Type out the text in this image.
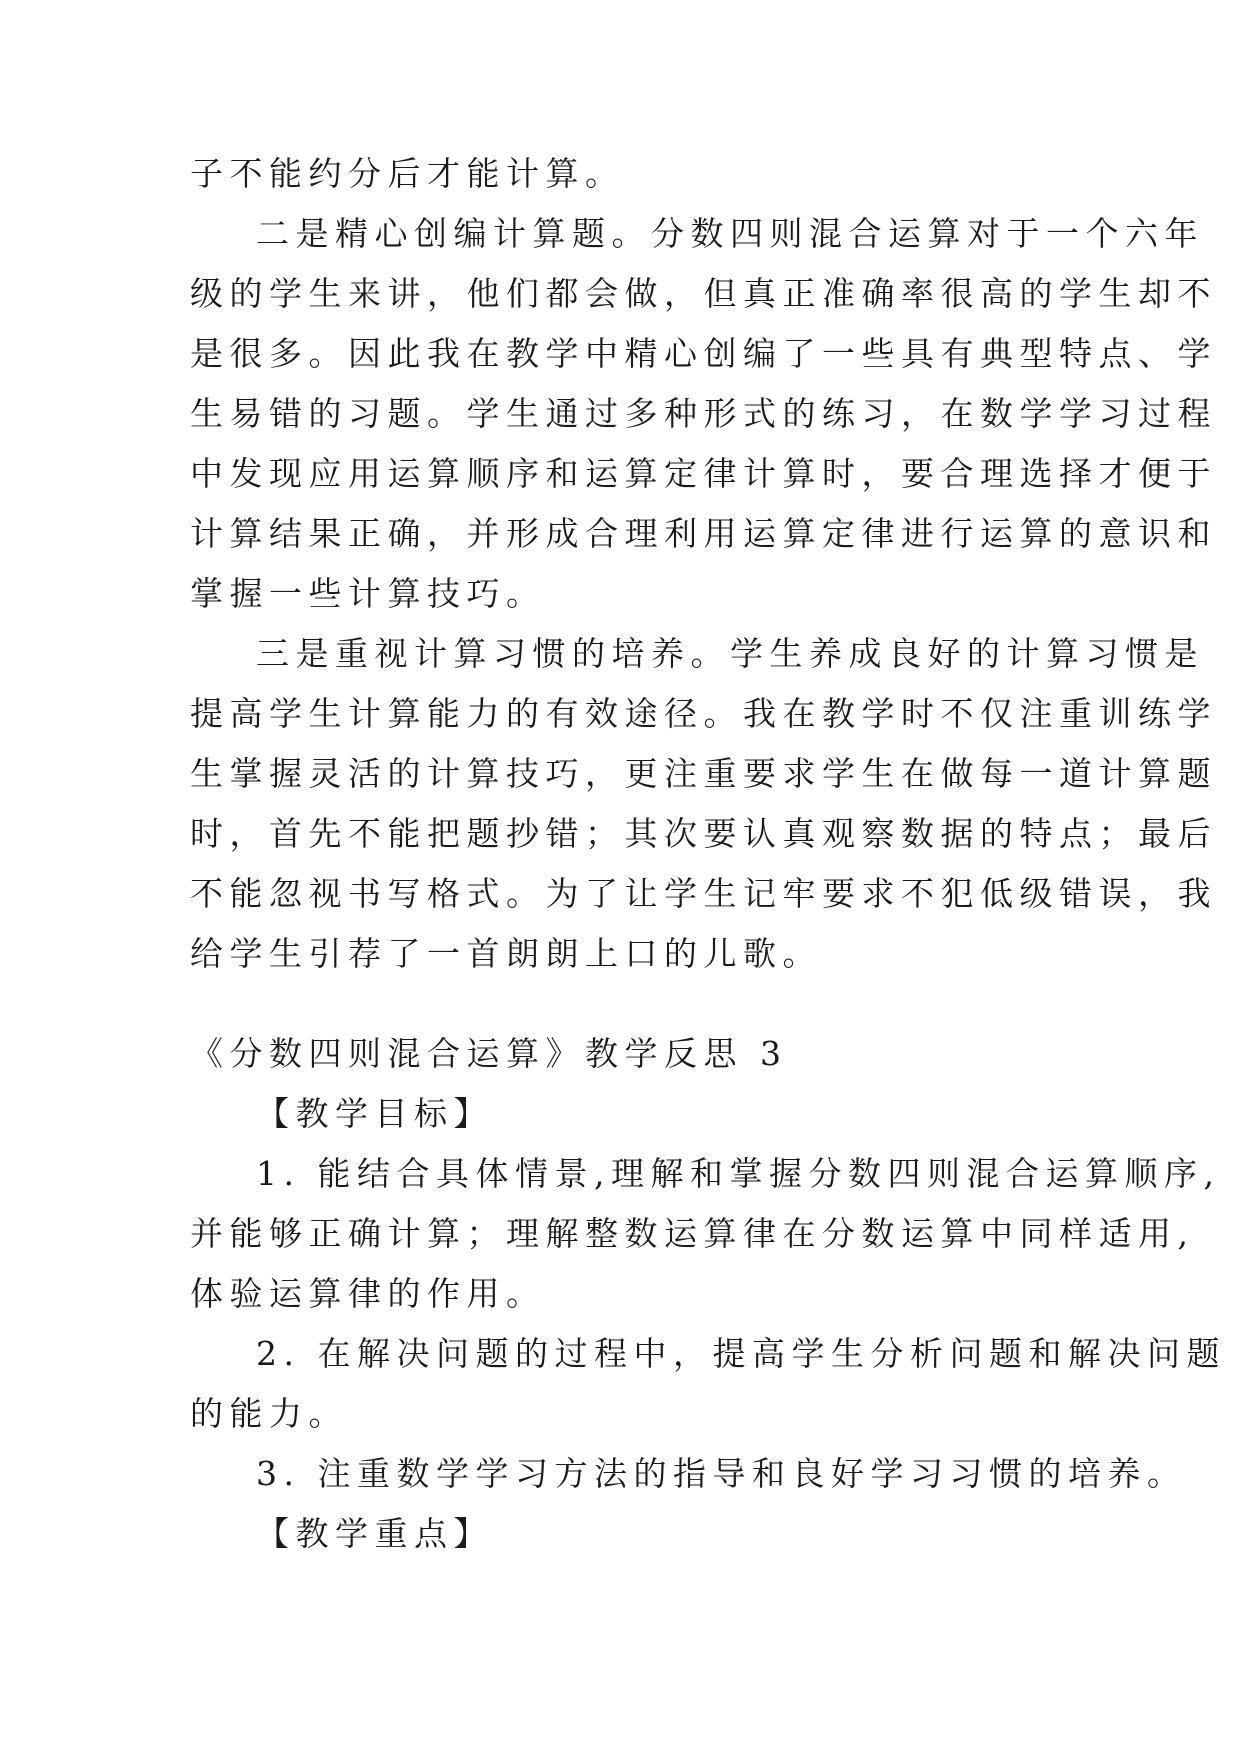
子不能约分后才能计算。
二是精心创编计算题。分数四则混合运算对于一个六年
级的学生来讲，他们都会做，但真正准确率很高的学生却不
是很多。因此我在教学中精心创编了一些具有典型特点、学
生易错的习题。学生通过多种形式的练习，在数学学习过程
中发现应用运算顺序和运算定律计算时，要合理选择才便于
计算结果正确，并形成合理利用运算定律进行运算的意识和
掌握一些计算技巧。
三是重视计算习惯的培养。学生养成良好的计算习惯是
提高学生计算能力的有效途径。我在教学时不仅注重训练学
生掌握灵活的计算技巧，更注重要求学生在做每一道计算题
时，首先不能把题抄错；其次要认真观察数据的特点；最后
不能忽视书写格式。为了让学生记牢要求不犯低级错误，我
给学生引荐了一首朗朗上口的儿歌。
《分数四则混合运算》教学反思 3
【教学目标】
1. 能结合具体情景,理解和掌握分数四则混合运算顺序,
并能够正确计算；理解整数运算律在分数运算中同样适用,
体验运算律的作用。
2. 在解决问题的过程中，提高学生分析问题和解决问题
的能力。
3. 注重数学学习方法的指导和良好学习习惯的培养。
【教学重点】
